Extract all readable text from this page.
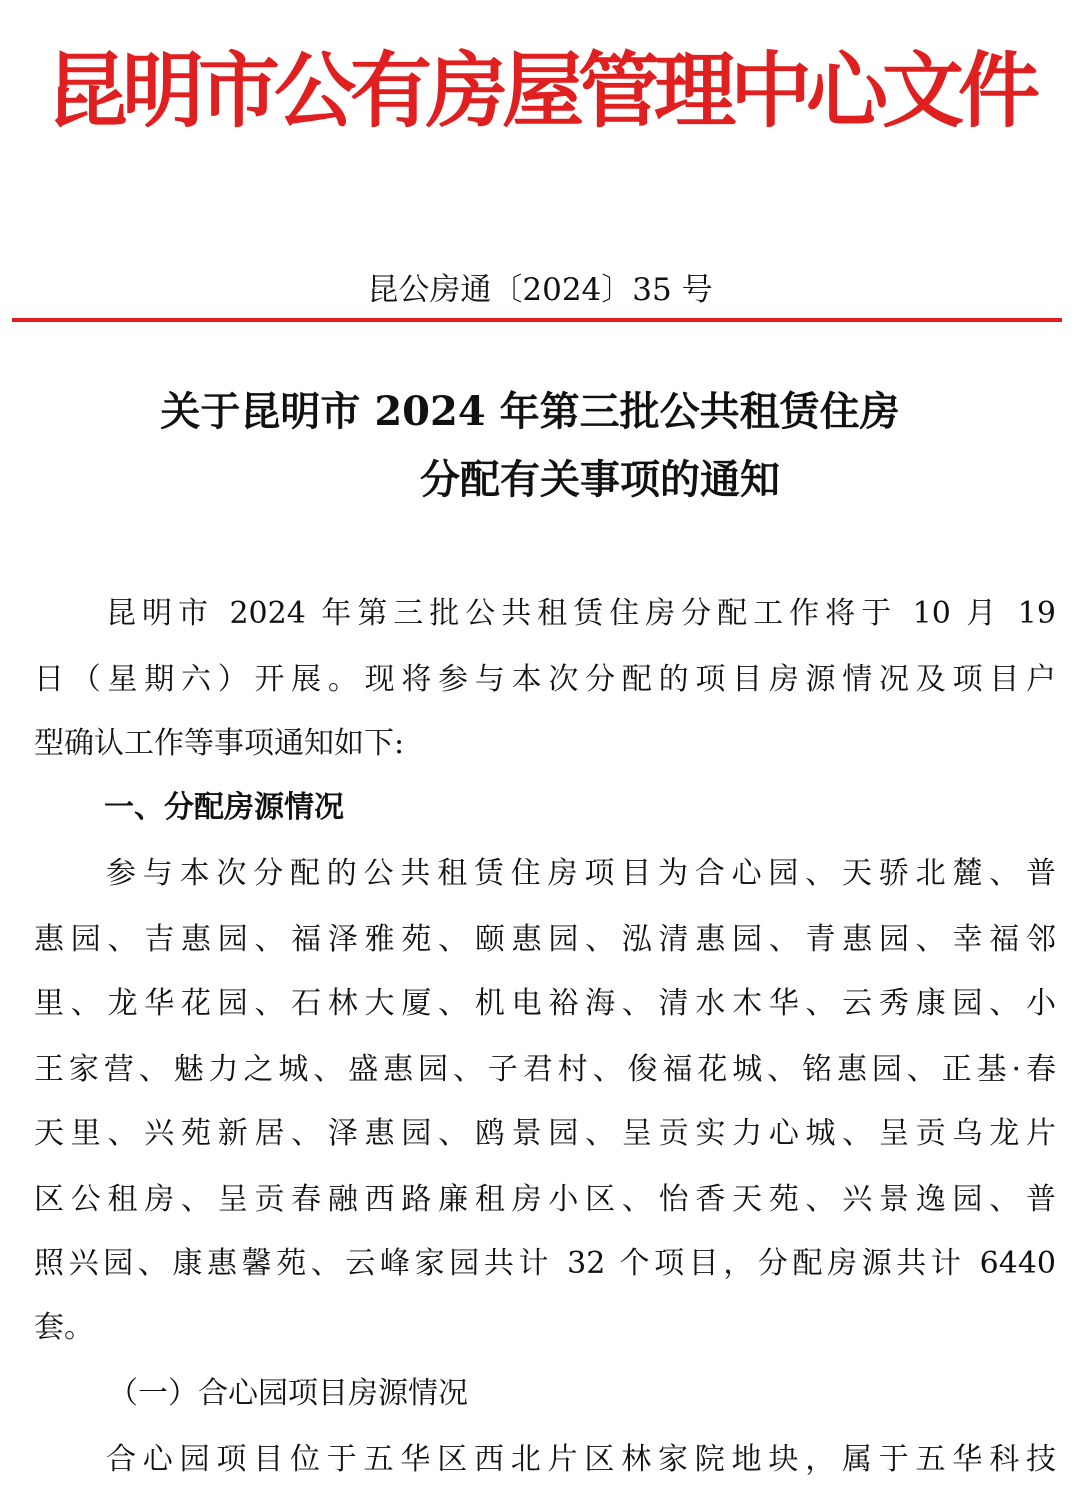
昆明市公有房屋管理中心文件
昆公房通〔2024〕35 号
关于昆明市 2024 年第三批公共租赁住房
分配有关事项的通知
昆明市 2024 年第三批公共租赁住房分配工作将于 10 月 19
日（星期六）开展。现将参与本次分配的项目房源情况及项目户
型确认工作等事项通知如下:
一、分配房源情况
参与本次分配的公共租赁住房项目为合心园、天骄北麓、普
惠园、吉惠园、福泽雅苑、颐惠园、泓清惠园、青惠园、幸福邻
里、龙华花园、石林大厦、机电裕海、清水木华、云秀康园、小
王家营、魅力之城、盛惠园、子君村、俊福花城、铭惠园、正基·春
天里、兴苑新居、泽惠园、鸥景园、呈贡实力心城、呈贡乌龙片
区公租房、呈贡春融西路廉租房小区、怡香天苑、兴景逸园、普
照兴园、康惠馨苑、云峰家园共计 32 个项目，分配房源共计 6440
套。
（一）合心园项目房源情况
合心园项目位于五华区西北片区林家院地块，属于五华科技
